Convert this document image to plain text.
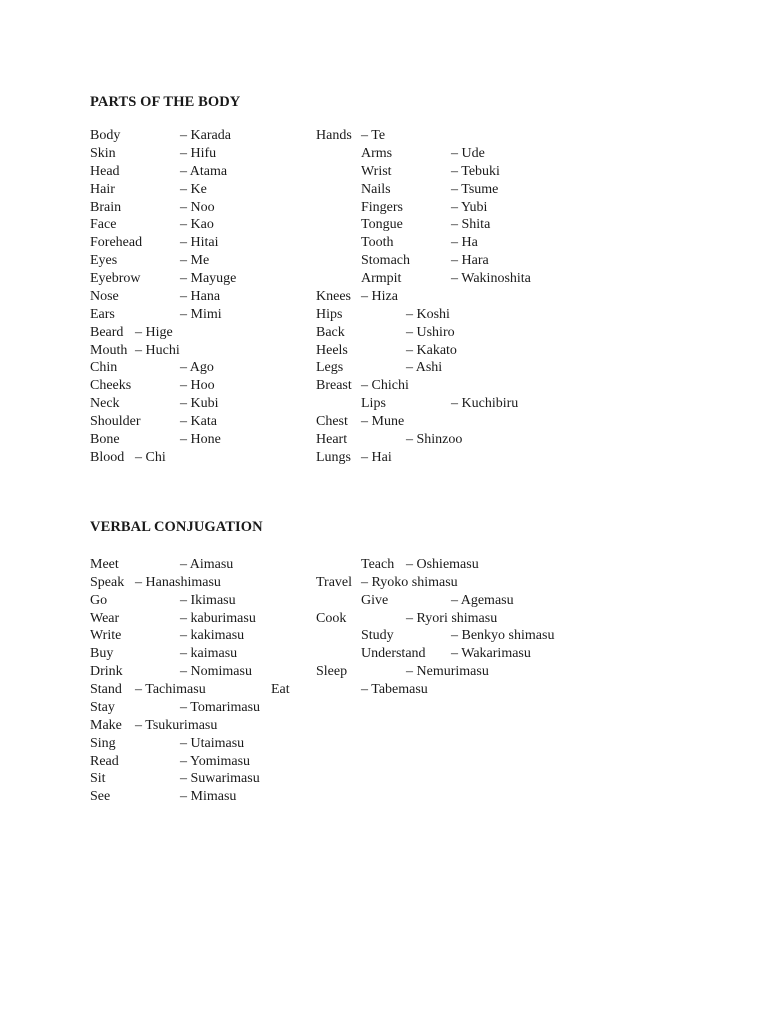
PARTS OF THE BODY
VERBAL CONJUGATION
Body	– Karada
Skin	– Hifu
Head	– Atama
Hair	– Ke
Brain	– Noo
Face	– Kao
Forehead	– Hitai
Eyes	– Me
Eyebrow	– Mayuge
Nose	– Hana
Ears	– Mimi
Beard – Hige
Mouth – Huchi
Chin	– Ago
Cheeks	– Hoo
Neck	– Kubi
Shoulder	– Kata
Bone	– Hone
Blood – Chi
Hands – Te
Arms	– Ude
Wrist	– Tebuki
Nails	– Tsume
Fingers	– Yubi
Tongue	– Shita
Tooth	– Ha
Stomach	– Hara
Armpit	– Wakinoshita
Knees – Hiza
Hips	– Koshi
Back	– Ushiro
Heels	– Kakato
Legs	– Ashi
Breast – Chichi
Lips	– Kuchibiru
Chest – Mune
Heart	– Shinzoo
Lungs – Hai
Meet	– Aimasu
Speak – Hanashimasu
Go	– Ikimasu
Wear	– kaburimasu
Write	– kakimasu
Buy	– kaimasu
Drink	– Nomimasu
Stand – Tachimasu
Stay	– Tomarimasu
Make – Tsukurimasu
Sing	– Utaimasu
Read	– Yomimasu
Sit	– Suwarimasu
See	– Mimasu
Teach – Oshiemasu
Travel – Ryoko shimasu
Give	– Agemasu
Cook	– Ryori shimasu
Study	– Benkyo shimasu
Understand – Wakarimasu
Sleep	– Nemurimasu
Eat	– Tabemasu
